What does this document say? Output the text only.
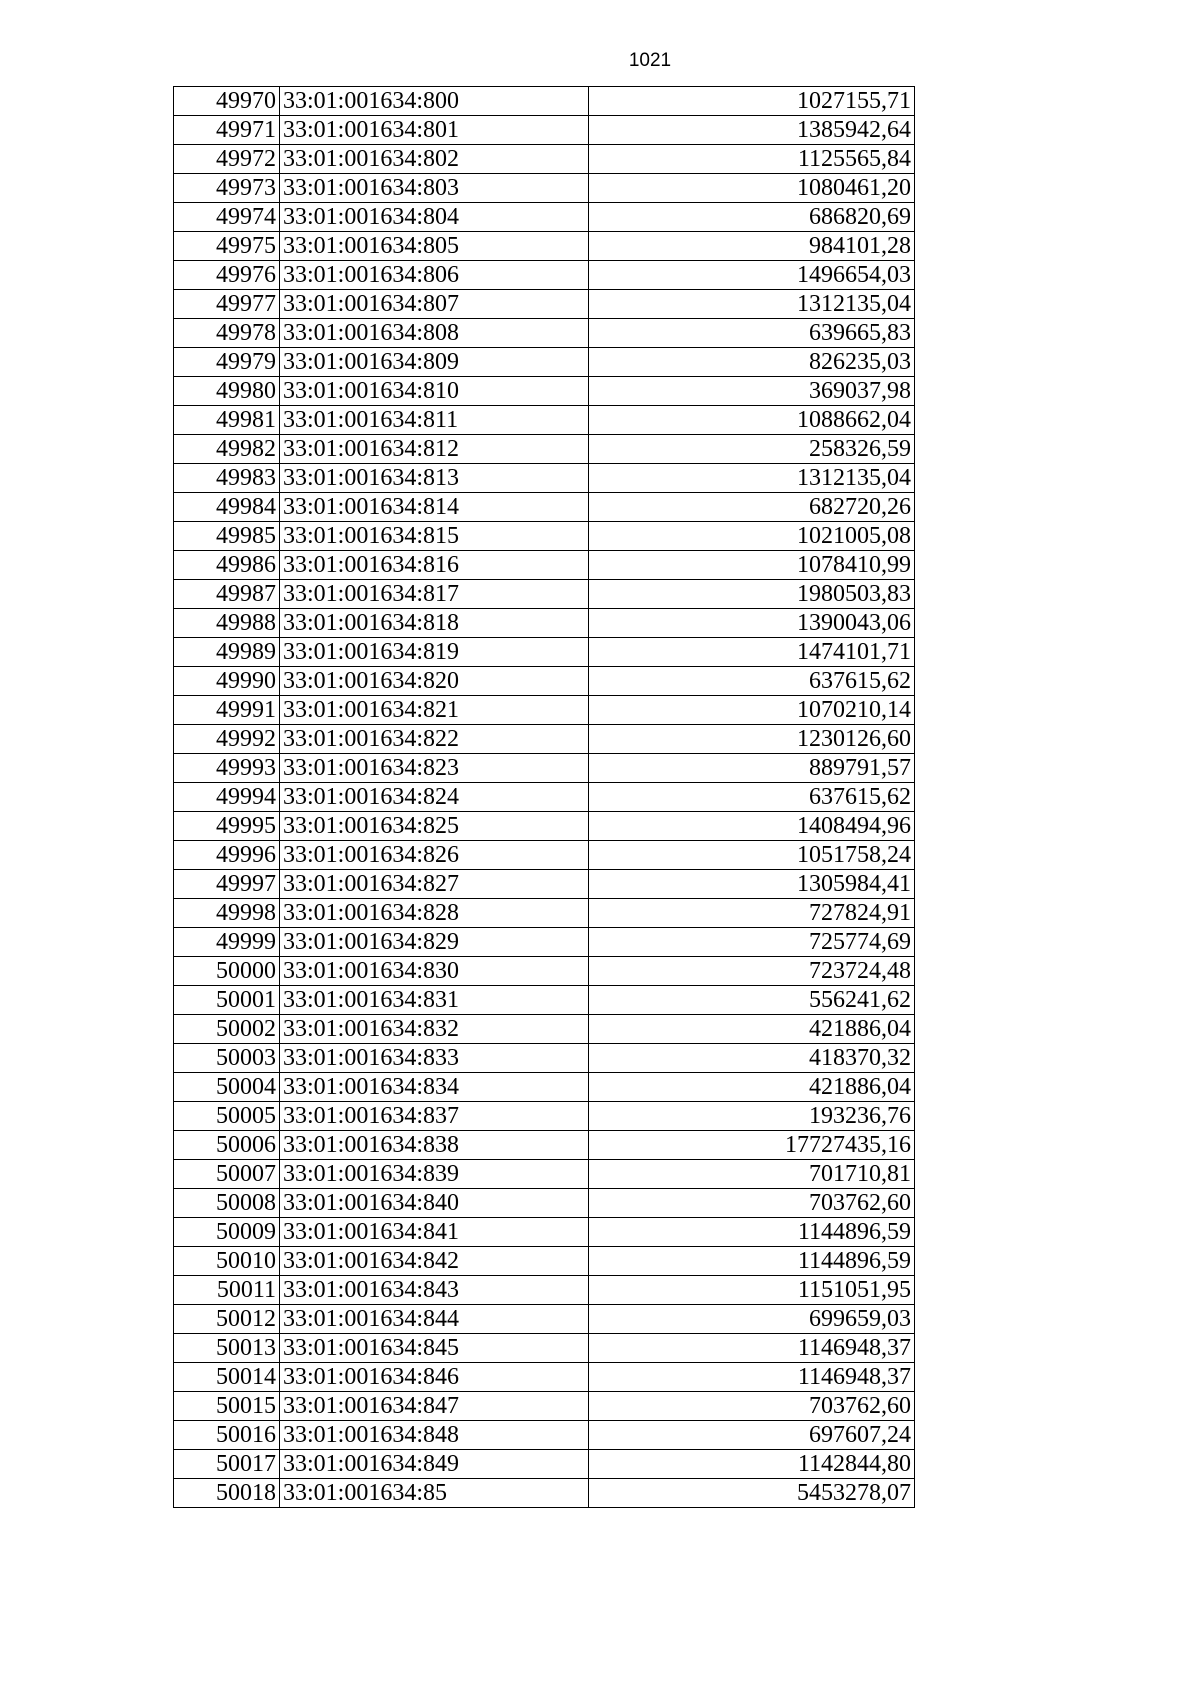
1021
49970	33:01:001634:800	1027155,71
49971	33:01:001634:801	1385942,64
49972	33:01:001634:802	1125565,84
49973	33:01:001634:803	1080461,20
49974	33:01:001634:804	686820,69
49975	33:01:001634:805	984101,28
49976	33:01:001634:806	1496654,03
49977	33:01:001634:807	1312135,04
49978	33:01:001634:808	639665,83
49979	33:01:001634:809	826235,03
49980	33:01:001634:810	369037,98
49981	33:01:001634:811	1088662,04
49982	33:01:001634:812	258326,59
49983	33:01:001634:813	1312135,04
49984	33:01:001634:814	682720,26
49985	33:01:001634:815	1021005,08
49986	33:01:001634:816	1078410,99
49987	33:01:001634:817	1980503,83
49988	33:01:001634:818	1390043,06
49989	33:01:001634:819	1474101,71
49990	33:01:001634:820	637615,62
49991	33:01:001634:821	1070210,14
49992	33:01:001634:822	1230126,60
49993	33:01:001634:823	889791,57
49994	33:01:001634:824	637615,62
49995	33:01:001634:825	1408494,96
49996	33:01:001634:826	1051758,24
49997	33:01:001634:827	1305984,41
49998	33:01:001634:828	727824,91
49999	33:01:001634:829	725774,69
50000	33:01:001634:830	723724,48
50001	33:01:001634:831	556241,62
50002	33:01:001634:832	421886,04
50003	33:01:001634:833	418370,32
50004	33:01:001634:834	421886,04
50005	33:01:001634:837	193236,76
50006	33:01:001634:838	17727435,16
50007	33:01:001634:839	701710,81
50008	33:01:001634:840	703762,60
50009	33:01:001634:841	1144896,59
50010	33:01:001634:842	1144896,59
50011	33:01:001634:843	1151051,95
50012	33:01:001634:844	699659,03
50013	33:01:001634:845	1146948,37
50014	33:01:001634:846	1146948,37
50015	33:01:001634:847	703762,60
50016	33:01:001634:848	697607,24
50017	33:01:001634:849	1142844,80
50018	33:01:001634:85	5453278,07
